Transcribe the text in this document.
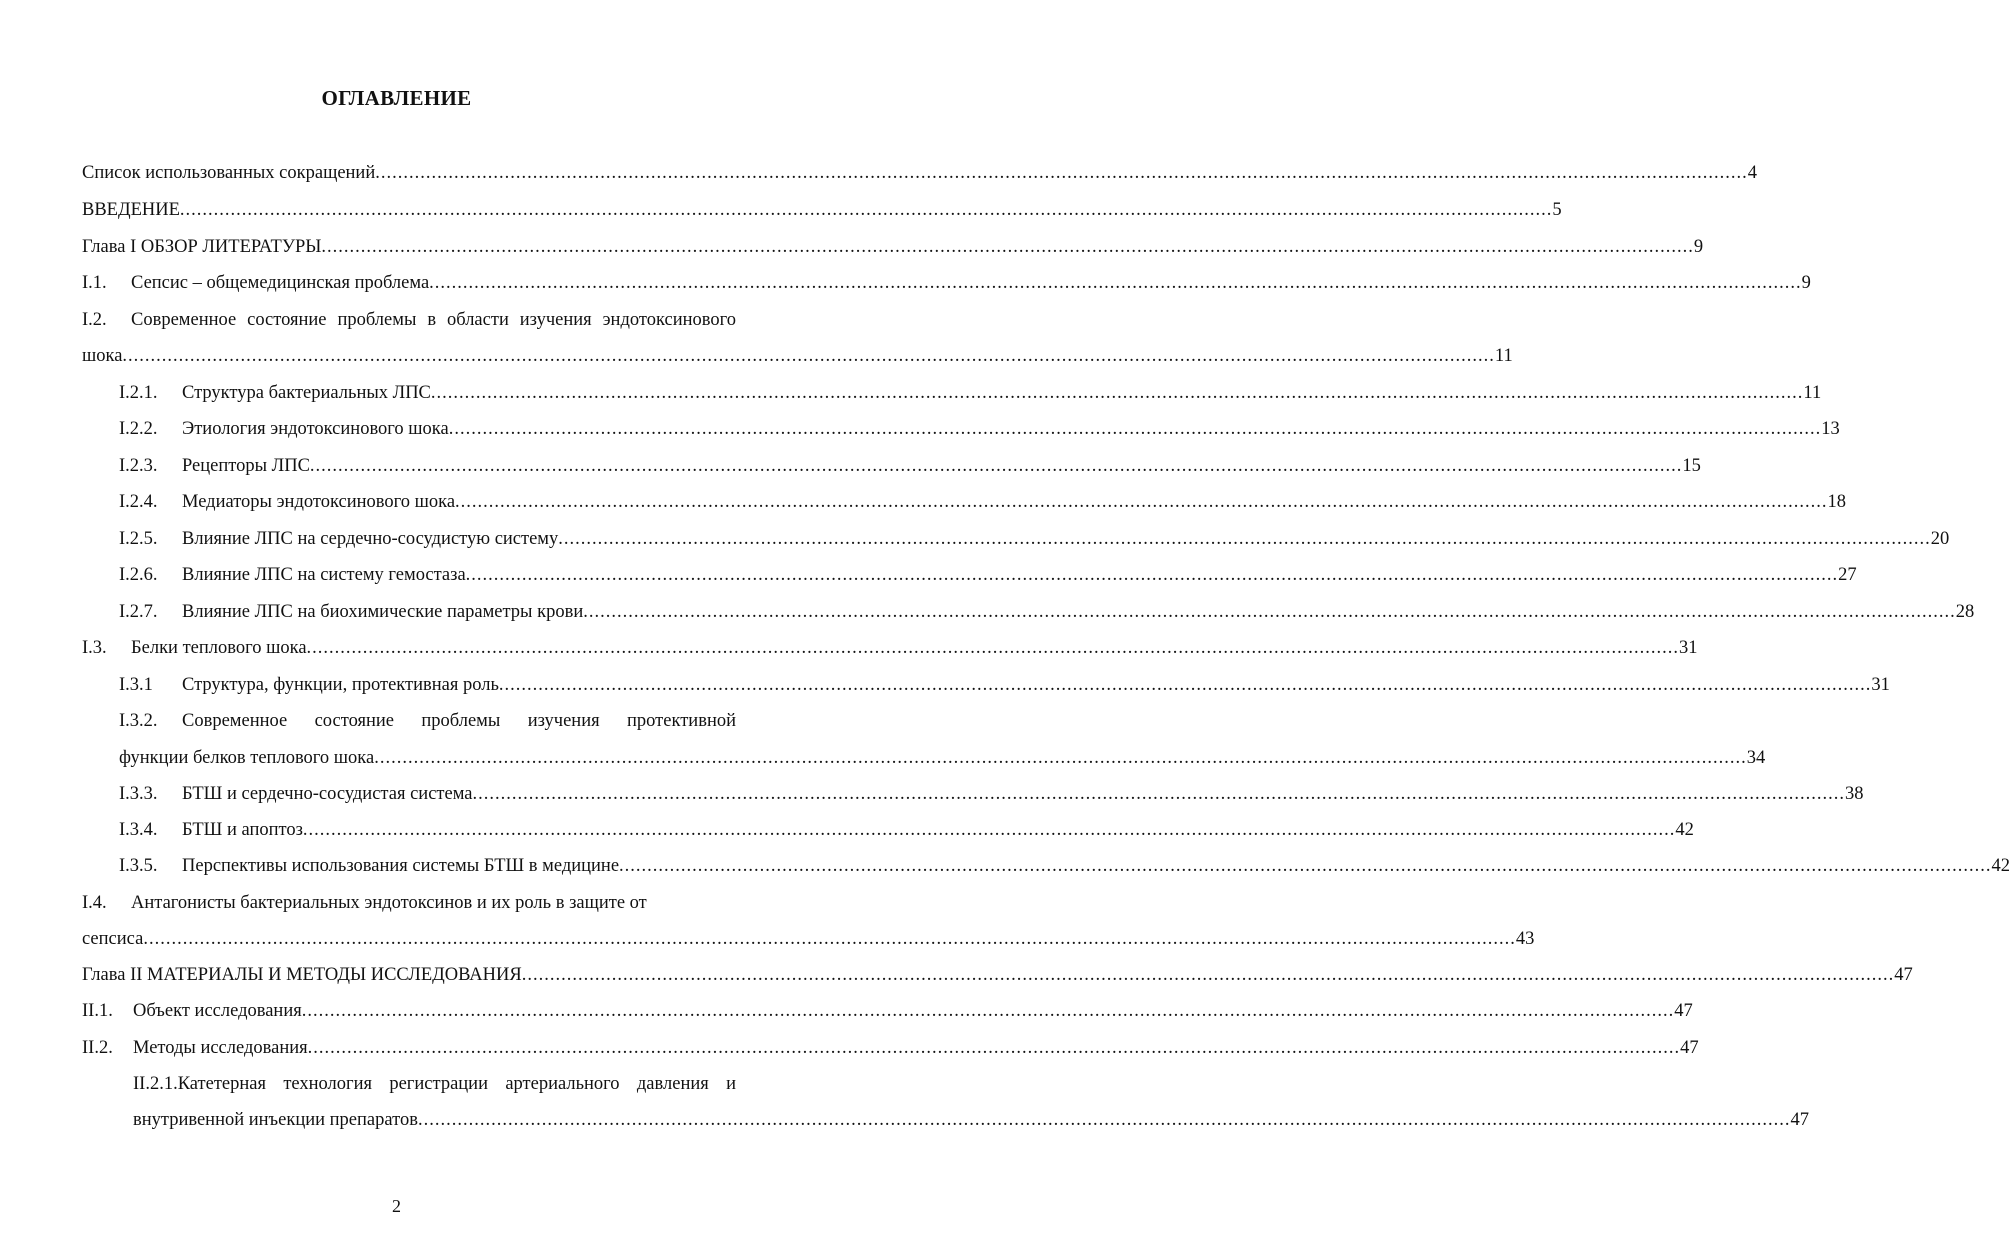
ОГЛАВЛЕНИЕ
Список использованных сокращений .....	4
ВВЕДЕНИЕ .....	5
Глава I ОБЗОР ЛИТЕРАТУРЫ .....	9
I.1.	Сепсис – общемедицинская проблема .....	9
I.2.	Современное состояние проблемы в области изучения эндотоксинового
шока .....	11
I.2.1.	Структура бактериальных ЛПС .....	11
I.2.2.	Этиология эндотоксинового шока .....	13
I.2.3.	Рецепторы ЛПС .....	15
I.2.4.	Медиаторы эндотоксинового шока .....	18
I.2.5.	Влияние ЛПС на сердечно-сосудистую систему .....	20
I.2.6.	Влияние ЛПС на систему гемостаза .....	27
I.2.7.	Влияние ЛПС на биохимические параметры крови .....	28
I.3.	Белки теплового шока .....	31
I.3.1	Структура, функции, протективная роль .....	31
I.3.2.	Современное состояние проблемы изучения протективной
функции белков теплового шока .....	34
I.3.3.	БТШ и сердечно-сосудистая система .....	38
I.3.4.	БТШ и апоптоз .....	42
I.3.5.	Перспективы использования системы БТШ в медицине .....	42
I.4.	Антагонисты бактериальных эндотоксинов и их роль в защите от
сепсиса .....	43
Глава II МАТЕРИАЛЫ И МЕТОДЫ ИССЛЕДОВАНИЯ .....	47
II.1.	Объект исследования .....	47
II.2.	Методы исследования .....	47
II.2.1.Катетерная технология регистрации артериального давления и
внутривенной инъекции препаратов .....	47
2
